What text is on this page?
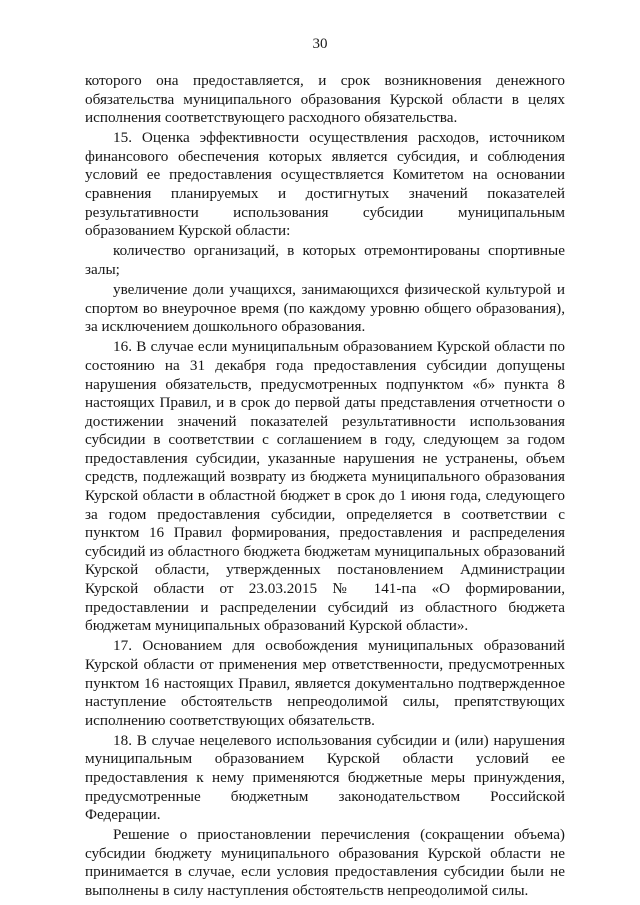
30

которого она предоставляется, и срок возникновения денежного обязательства муниципального образования Курской области в целях исполнения соответствующего расходного обязательства.

15. Оценка эффективности осуществления расходов, источником финансового обеспечения которых является субсидия, и соблюдения условий ее предоставления осуществляется Комитетом на основании сравнения планируемых и достигнутых значений показателей результативности использования субсидии муниципальным образованием Курской области:

количество организаций, в которых отремонтированы спортивные залы;

увеличение доли учащихся, занимающихся физической культурой и спортом во внеурочное время (по каждому уровню общего образования), за исключением дошкольного образования.

16. В случае если муниципальным образованием Курской области по состоянию на 31 декабря года предоставления субсидии допущены нарушения обязательств, предусмотренных подпунктом «б» пункта 8 настоящих Правил, и в срок до первой даты представления отчетности о достижении значений показателей результативности использования субсидии в соответствии с соглашением в году, следующем за годом предоставления субсидии, указанные нарушения не устранены, объем средств, подлежащий возврату из бюджета муниципального образования Курской области в областной бюджет в срок до 1 июня года, следующего за годом предоставления субсидии, определяется в соответствии с пунктом 16 Правил формирования, предоставления и распределения субсидий из областного бюджета бюджетам муниципальных образований Курской области, утвержденных постановлением Администрации Курской области от 23.03.2015 № 141-па «О формировании, предоставлении и распределении субсидий из областного бюджета бюджетам муниципальных образований Курской области».

17. Основанием для освобождения муниципальных образований Курской области от применения мер ответственности, предусмотренных пунктом 16 настоящих Правил, является документально подтвержденное наступление обстоятельств непреодолимой силы, препятствующих исполнению соответствующих обязательств.

18. В случае нецелевого использования субсидии и (или) нарушения муниципальным образованием Курской области условий ее предоставления к нему применяются бюджетные меры принуждения, предусмотренные бюджетным законодательством Российской Федерации.

Решение о приостановлении перечисления (сокращении объема) субсидии бюджету муниципального образования Курской области не принимается в случае, если условия предоставления субсидии были не выполнены в силу наступления обстоятельств непреодолимой силы.
